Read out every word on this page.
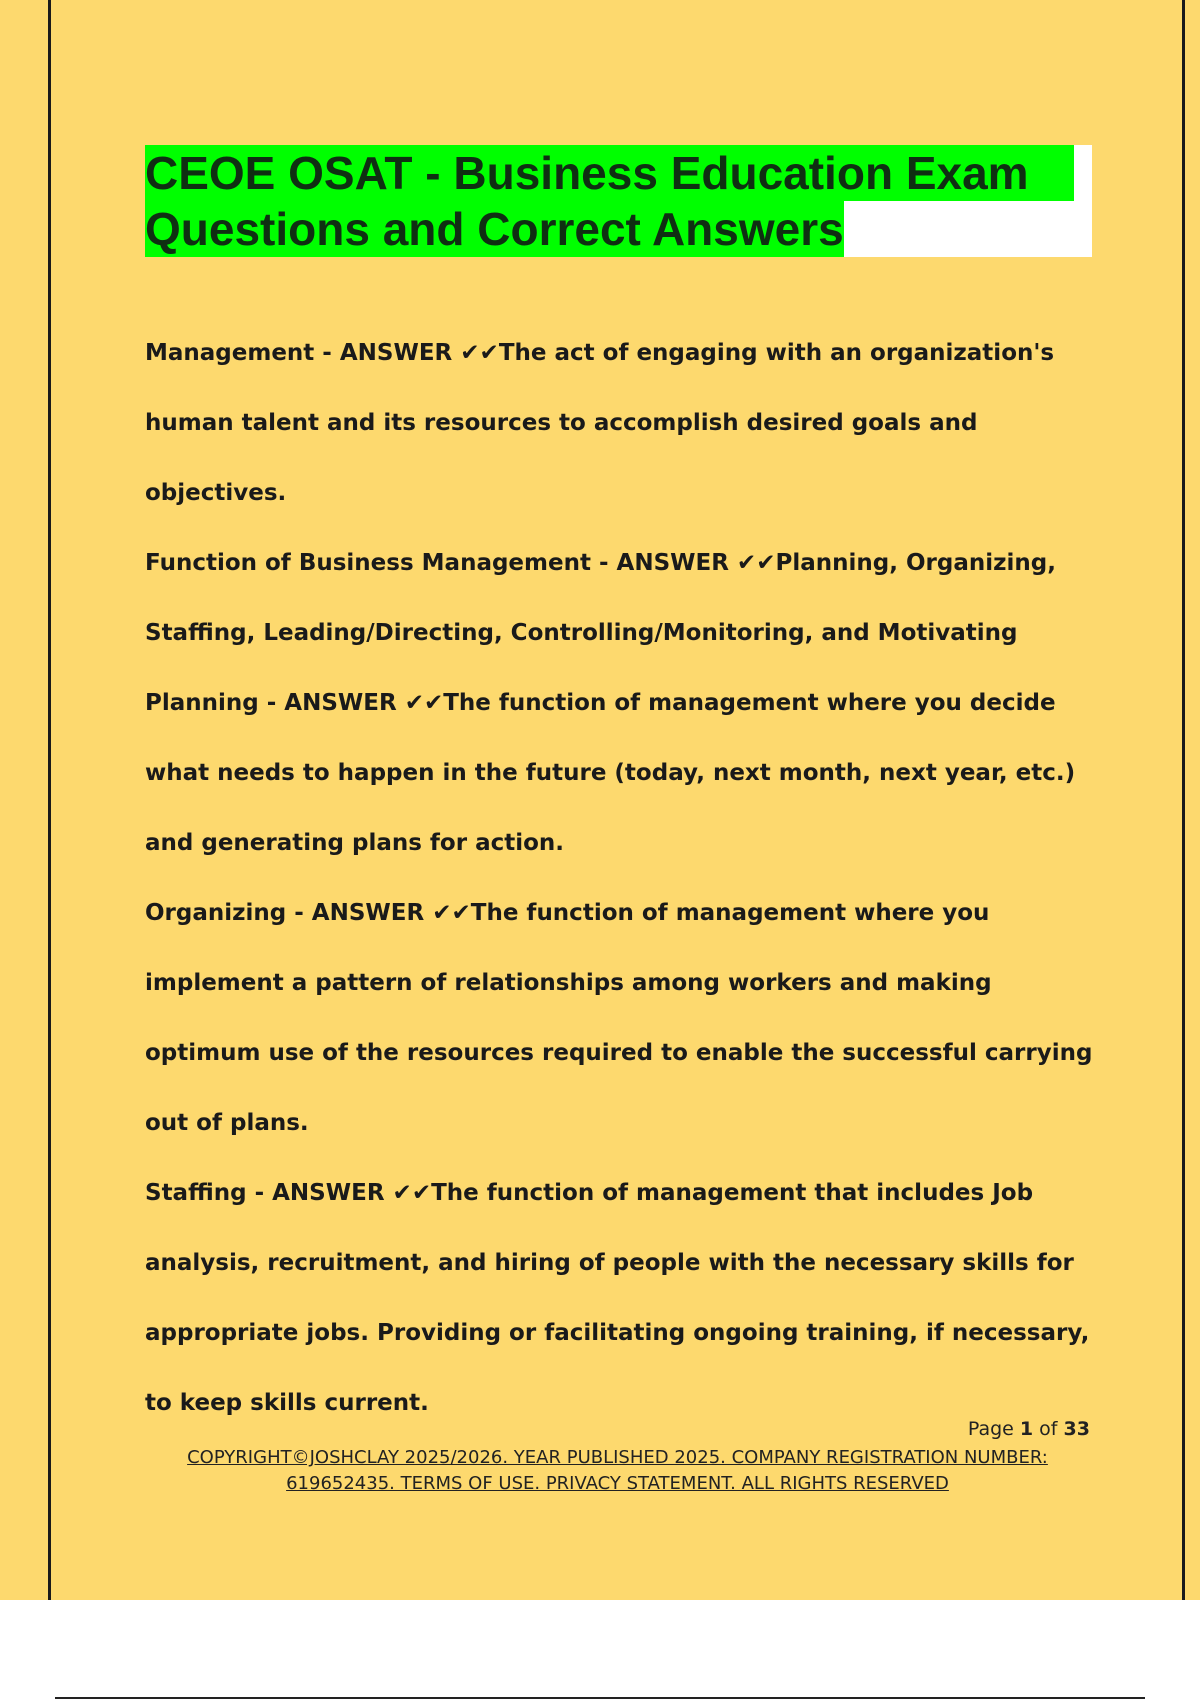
CEOE OSAT - Business Education Exam
Questions and Correct Answers

Management - ANSWER ✔✔The act of engaging with an organization's human talent and its resources to accomplish desired goals and objectives.

Function of Business Management - ANSWER ✔✔Planning, Organizing, Staffing, Leading/Directing, Controlling/Monitoring, and Motivating

Planning - ANSWER ✔✔The function of management where you decide what needs to happen in the future (today, next month, next year, etc.) and generating plans for action.

Organizing - ANSWER ✔✔The function of management where you implement a pattern of relationships among workers and making optimum use of the resources required to enable the successful carrying out of plans.

Staffing - ANSWER ✔✔The function of management that includes Job analysis, recruitment, and hiring of people with the necessary skills for appropriate jobs. Providing or facilitating ongoing training, if necessary, to keep skills current.

Page 1 of 33
COPYRIGHT©JOSHCLAY 2025/2026. YEAR PUBLISHED 2025. COMPANY REGISTRATION NUMBER:
619652435. TERMS OF USE. PRIVACY STATEMENT. ALL RIGHTS RESERVED
